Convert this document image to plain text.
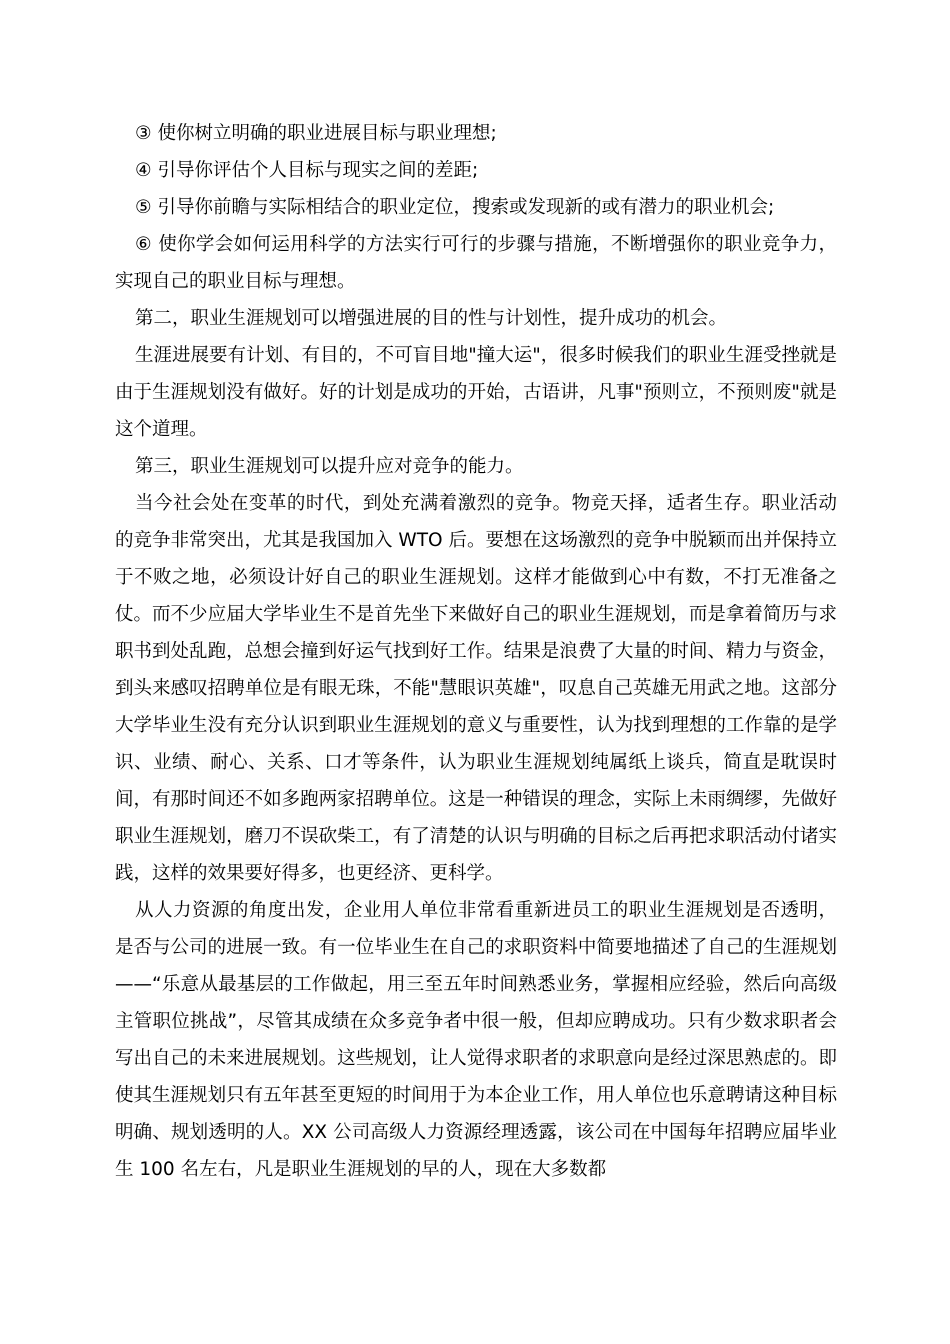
③ 使你树立明确的职业进展目标与职业理想;

④ 引导你评估个人目标与现实之间的差距;

⑤ 引导你前瞻与实际相结合的职业定位，搜索或发现新的或有潜力的职业机会;

⑥ 使你学会如何运用科学的方法实行可行的步骤与措施，不断增强你的职业竞争力，实现自己的职业目标与理想。

第二，职业生涯规划可以增强进展的目的性与计划性，提升成功的机会。

生涯进展要有计划、有目的，不可盲目地"撞大运"，很多时候我们的职业生涯受挫就是由于生涯规划没有做好。好的计划是成功的开始，古语讲，凡事"预则立，不预则废"就是这个道理。

第三，职业生涯规划可以提升应对竞争的能力。

当今社会处在变革的时代，到处充满着激烈的竞争。物竞天择，适者生存。职业活动的竞争非常突出，尤其是我国加入 WTO 后。要想在这场激烈的竞争中脱颖而出并保持立于不败之地，必须设计好自己的职业生涯规划。这样才能做到心中有数，不打无准备之仗。而不少应届大学毕业生不是首先坐下来做好自己的职业生涯规划，而是拿着简历与求职书到处乱跑，总想会撞到好运气找到好工作。结果是浪费了大量的时间、精力与资金，到头来感叹招聘单位是有眼无珠，不能"慧眼识英雄"，叹息自己英雄无用武之地。这部分大学毕业生没有充分认识到职业生涯规划的意义与重要性，认为找到理想的工作靠的是学识、业绩、耐心、关系、口才等条件，认为职业生涯规划纯属纸上谈兵，简直是耽误时间，有那时间还不如多跑两家招聘单位。这是一种错误的理念，实际上未雨绸缪，先做好职业生涯规划，磨刀不误砍柴工，有了清楚的认识与明确的目标之后再把求职活动付诸实践，这样的效果要好得多，也更经济、更科学。

从人力资源的角度出发，企业用人单位非常看重新进员工的职业生涯规划是否透明，是否与公司的进展一致。有一位毕业生在自己的求职资料中简要地描述了自己的生涯规划——“乐意从最基层的工作做起，用三至五年时间熟悉业务，掌握相应经验，然后向高级主管职位挑战”，尽管其成绩在众多竞争者中很一般，但却应聘成功。只有少数求职者会写出自己的未来进展规划。这些规划，让人觉得求职者的求职意向是经过深思熟虑的。即使其生涯规划只有五年甚至更短的时间用于为本企业工作，用人单位也乐意聘请这种目标明确、规划透明的人。XX 公司高级人力资源经理透露，该公司在中国每年招聘应届毕业生 100 名左右，凡是职业生涯规划的早的人，现在大多数都
